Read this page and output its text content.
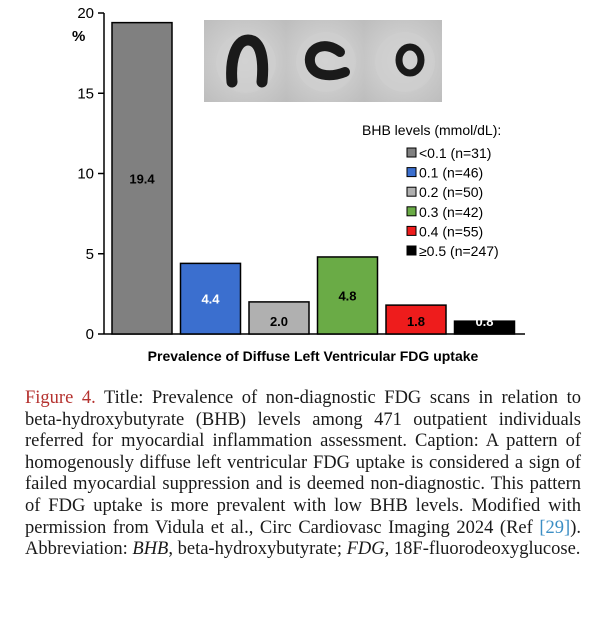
0
5
10
15
20
%
19.4
4.4
2.0
4.8
1.8	0.8
BHB levels (mmol/dL):
<0.1 (n=31)
0.1 (n=46)
0.2 (n=50)
0.3 (n=42)
0.4 (n=55)
≥0.5 (n=247)
Prevalence of Diffuse Left Ventricular FDG uptake
Figure 4. Title: Prevalence of non-diagnostic FDG scans in relation to beta-hydroxybutyrate (BHB) levels among 471 outpatient individuals referred for myocardial inflammation assessment. Caption: A pattern of homogenously diffuse left ventricular FDG uptake is considered a sign of failed myocardial suppression and is deemed non-diagnostic. This pattern of FDG uptake is more prevalent with low BHB levels. Modified with permission from Vidula et al., Circ Cardiovasc Imaging 2024 (Ref [29]). Abbreviation: BHB, beta-hydroxybutyrate; FDG, 18F-fluorodeoxyglucose.
